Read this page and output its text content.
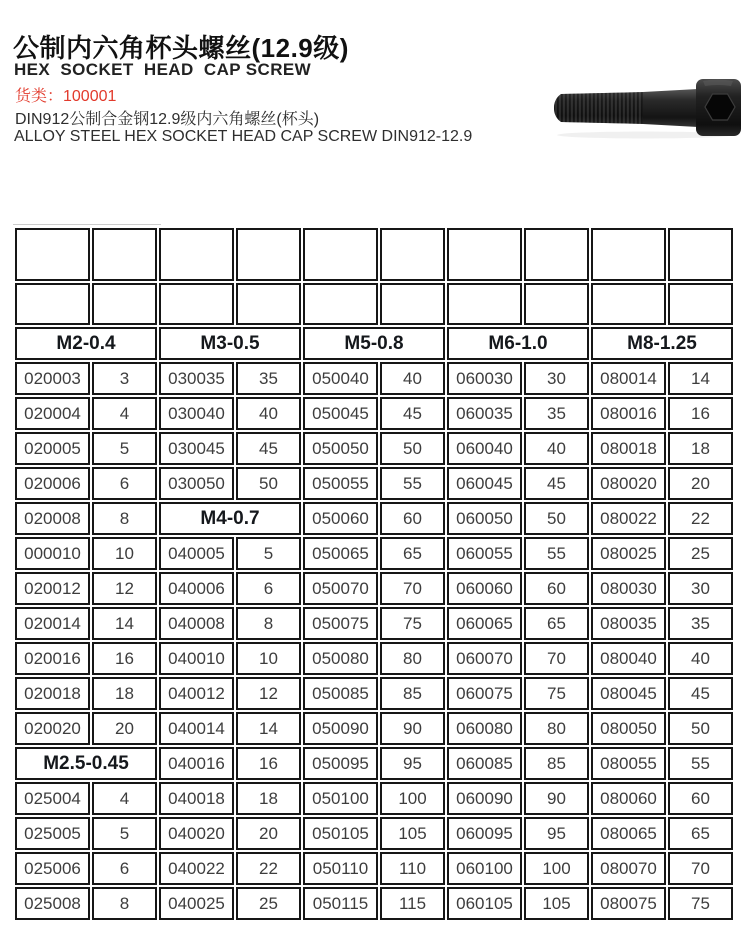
公制内六角杯头螺丝(12.9级)
HEX  SOCKET  HEAD  CAP SCREW
货类：100001
DIN912公制合金钢12.9级内六角螺丝(杯头)
ALLOY STEEL HEX SOCKET HEAD CAP SCREW DIN912-12.9
货号	规格	货号	规格	货号	规格	货号	规格	货号	规格
CODE	SIZE	CODE	SIZE	CODE	SIZE	CODE	SIZE	CODE	SIZE
M2-0.4		M3-0.5		M5-0.8		M6-1.0		M8-1.25	
020003	3	030035	35	050040	40	060030	30	080014	14
020004	4	030040	40	050045	45	060035	35	080016	16
020005	5	030045	45	050050	50	060040	40	080018	18
020006	6	030050	50	050055	55	060045	45	080020	20
020008	8	M4-0.7		050060	60	060050	50	080022	22
000010	10	040005	5	050065	65	060055	55	080025	25
020012	12	040006	6	050070	70	060060	60	080030	30
020014	14	040008	8	050075	75	060065	65	080035	35
020016	16	040010	10	050080	80	060070	70	080040	40
020018	18	040012	12	050085	85	060075	75	080045	45
020020	20	040014	14	050090	90	060080	80	080050	50
M2.5-0.45		040016	16	050095	95	060085	85	080055	55
025004	4	040018	18	050100	100	060090	90	080060	60
025005	5	040020	20	050105	105	060095	95	080065	65
025006	6	040022	22	050110	110	060100	100	080070	70
025008	8	040025	25	050115	115	060105	105	080075	75
